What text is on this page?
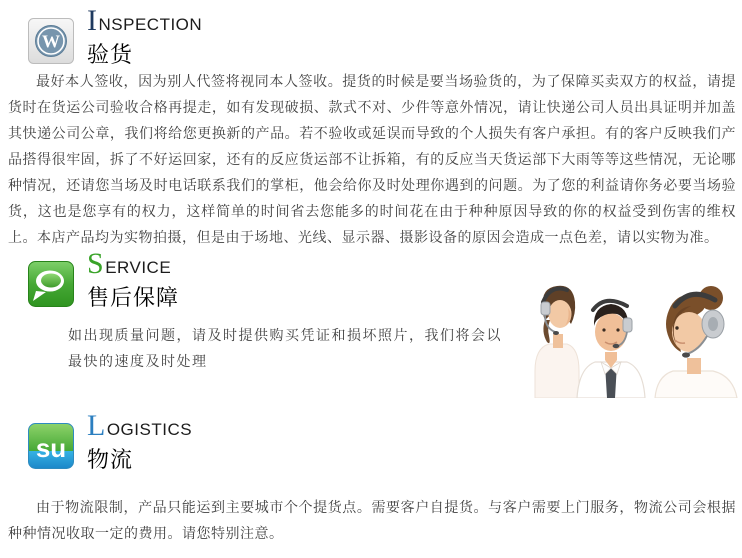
W
INSPECTION
验货

最好本人签收，因为别人代签将视同本人签收。提货的时候是要当场验货的，为了保障买卖双方的权益，请提货时在货运公司验收合格再提走，如有发现破损、款式不对、少件等意外情况，请让快递公司人员出具证明并加盖其快递公司公章，我们将给您更换新的产品。若不验收或延误而导致的个人损失有客户承担。有的客户反映我们产品搭得很牢固，拆了不好运回家，还有的反应货运部不让拆箱，有的反应当天货运部下大雨等等这些情况，无论哪种情况，还请您当场及时电话联系我们的掌柜，他会给你及时处理你遇到的问题。为了您的利益请你务必要当场验货，这也是您享有的权力，这样简单的时间省去您能多的时间花在由于种种原因导致的你的权益受到伤害的维权上。本店产品均为实物拍摄，但是由于场地、光线、显示器、摄影设备的原因会造成一点色差，请以实物为准。

SERVICE
售后保障

如出现质量问题，请及时提供购买凭证和损坏照片，我们将会以最快的速度及时处理

su
LOGISTICS
物流

由于物流限制，产品只能运到主要城市个个提货点。需要客户自提货。与客户需要上门服务，物流公司会根据种种情况收取一定的费用。请您特别注意。
